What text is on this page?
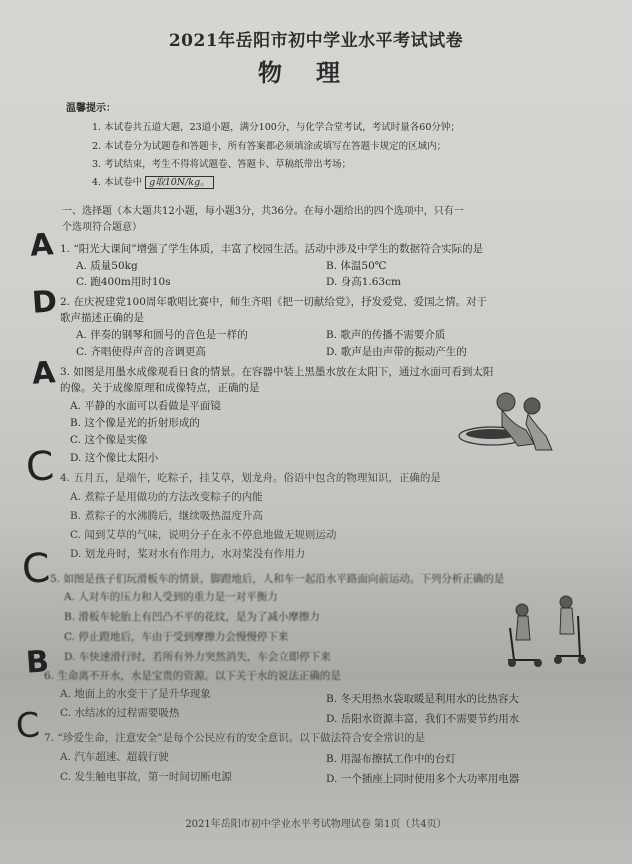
2021年岳阳市初中学业水平考试试卷
物理
温馨提示：
1. 本试卷共五道大题，23道小题，满分100分，与化学合堂考试，考试时量各60分钟；
2. 本试卷分为试题卷和答题卡，所有答案都必须填涂或填写在答题卡规定的区域内；
3. 考试结束，考生不得将试题卷、答题卡、草稿纸带出考场；
4. 本试卷中 g取10N/kg。
一、选择题（本大题共12小题，每小题3分，共36分。在每小题给出的四个选项中，只有一
个选项符合题意）
1. “阳光大课间”增强了学生体质，丰富了校园生活。活动中涉及中学生的数据符合实际的是
A. 质量50kg	B. 体温50℃
C. 跑400m用时10s	D. 身高1.63cm
2. 在庆祝建党100周年歌唱比赛中，师生齐唱《把一切献给党》，抒发爱党、爱国之情。对于
歌声描述正确的是
A. 伴奏的钢琴和圆号的音色是一样的	B. 歌声的传播不需要介质
C. 齐唱使得声音的音调更高	D. 歌声是由声带的振动产生的
3. 如图是用墨水成像观看日食的情景。在容器中装上黑墨水放在太阳下，通过水面可看到太阳
的像。关于成像原理和成像特点，正确的是
A. 平静的水面可以看做是平面镜
B. 这个像是光的折射形成的
C. 这个像是实像
D. 这个像比太阳小
4. 五月五，是端午，吃粽子，挂艾草，划龙舟。俗语中包含的物理知识，正确的是
A. 煮粽子是用做功的方法改变粽子的内能
B. 煮粽子的水沸腾后，继续吸热温度升高
C. 闻到艾草的气味，说明分子在永不停息地做无规则运动
D. 划龙舟时，桨对水有作用力，水对桨没有作用力
5. 如图是孩子们玩滑板车的情景，脚蹬地后，人和车一起沿水平路面向前运动。下列分析正确的是
A. 人对车的压力和人受到的重力是一对平衡力
B. 滑板车轮胎上有凹凸不平的花纹，是为了减小摩擦力
C. 停止蹬地后，车由于受到摩擦力会慢慢停下来
D. 车快速滑行时，若所有外力突然消失，车会立即停下来
6. 生命离不开水，水是宝贵的资源。以下关于水的说法正确的是
A. 地面上的水变干了是升华现象	B. 冬天用热水袋取暖是利用水的比热容大
C. 水结冰的过程需要吸热	D. 岳阳水资源丰富，我们不需要节约用水
7. “珍爱生命，注意安全”是每个公民应有的安全意识。以下做法符合安全常识的是
A. 汽车超速、超载行驶	B. 用湿布擦拭工作中的台灯
C. 发生触电事故，第一时间切断电源	D. 一个插座上同时使用多个大功率用电器
A
D
A
C
C
B
C
2021年岳阳市初中学业水平考试物理试卷 第1页（共4页）
